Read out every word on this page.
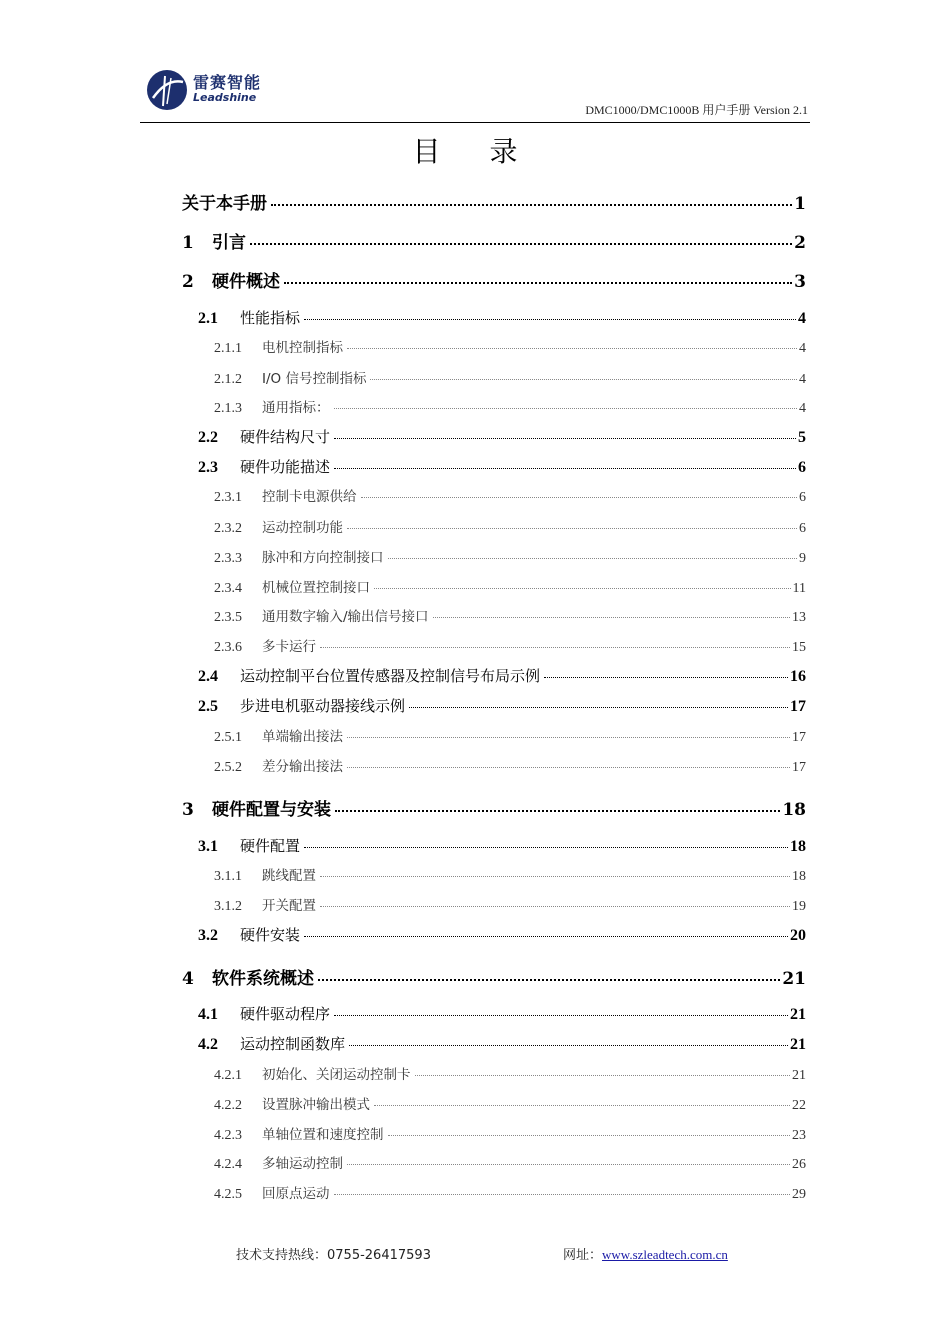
雷赛智能
Leadshine
DMC1000/DMC1000B 用户手册 Version 2.1
目 录
关于本手册	1
1	引言	2
2	硬件概述	3
2.1	性能指标	4
2.1.1	电机控制指标	4
2.1.2	I/O 信号控制指标	4
2.1.3	通用指标：	4
2.2	硬件结构尺寸	5
2.3	硬件功能描述	6
2.3.1	控制卡电源供给	6
2.3.2	运动控制功能	6
2.3.3	脉冲和方向控制接口	9
2.3.4	机械位置控制接口	11
2.3.5	通用数字输入/输出信号接口	13
2.3.6	多卡运行	15
2.4	运动控制平台位置传感器及控制信号布局示例	16
2.5	步进电机驱动器接线示例	17
2.5.1	单端输出接法	17
2.5.2	差分输出接法	17
3	硬件配置与安装	18
3.1	硬件配置	18
3.1.1	跳线配置	18
3.1.2	开关配置	19
3.2	硬件安装	20
4	软件系统概述	21
4.1	硬件驱动程序	21
4.2	运动控制函数库	21
4.2.1	初始化、关闭运动控制卡	21
4.2.2	设置脉冲输出模式	22
4.2.3	单轴位置和速度控制	23
4.2.4	多轴运动控制	26
4.2.5	回原点运动	29
技术支持热线：0755-26417593	网址：www.szleadtech.com.cn
